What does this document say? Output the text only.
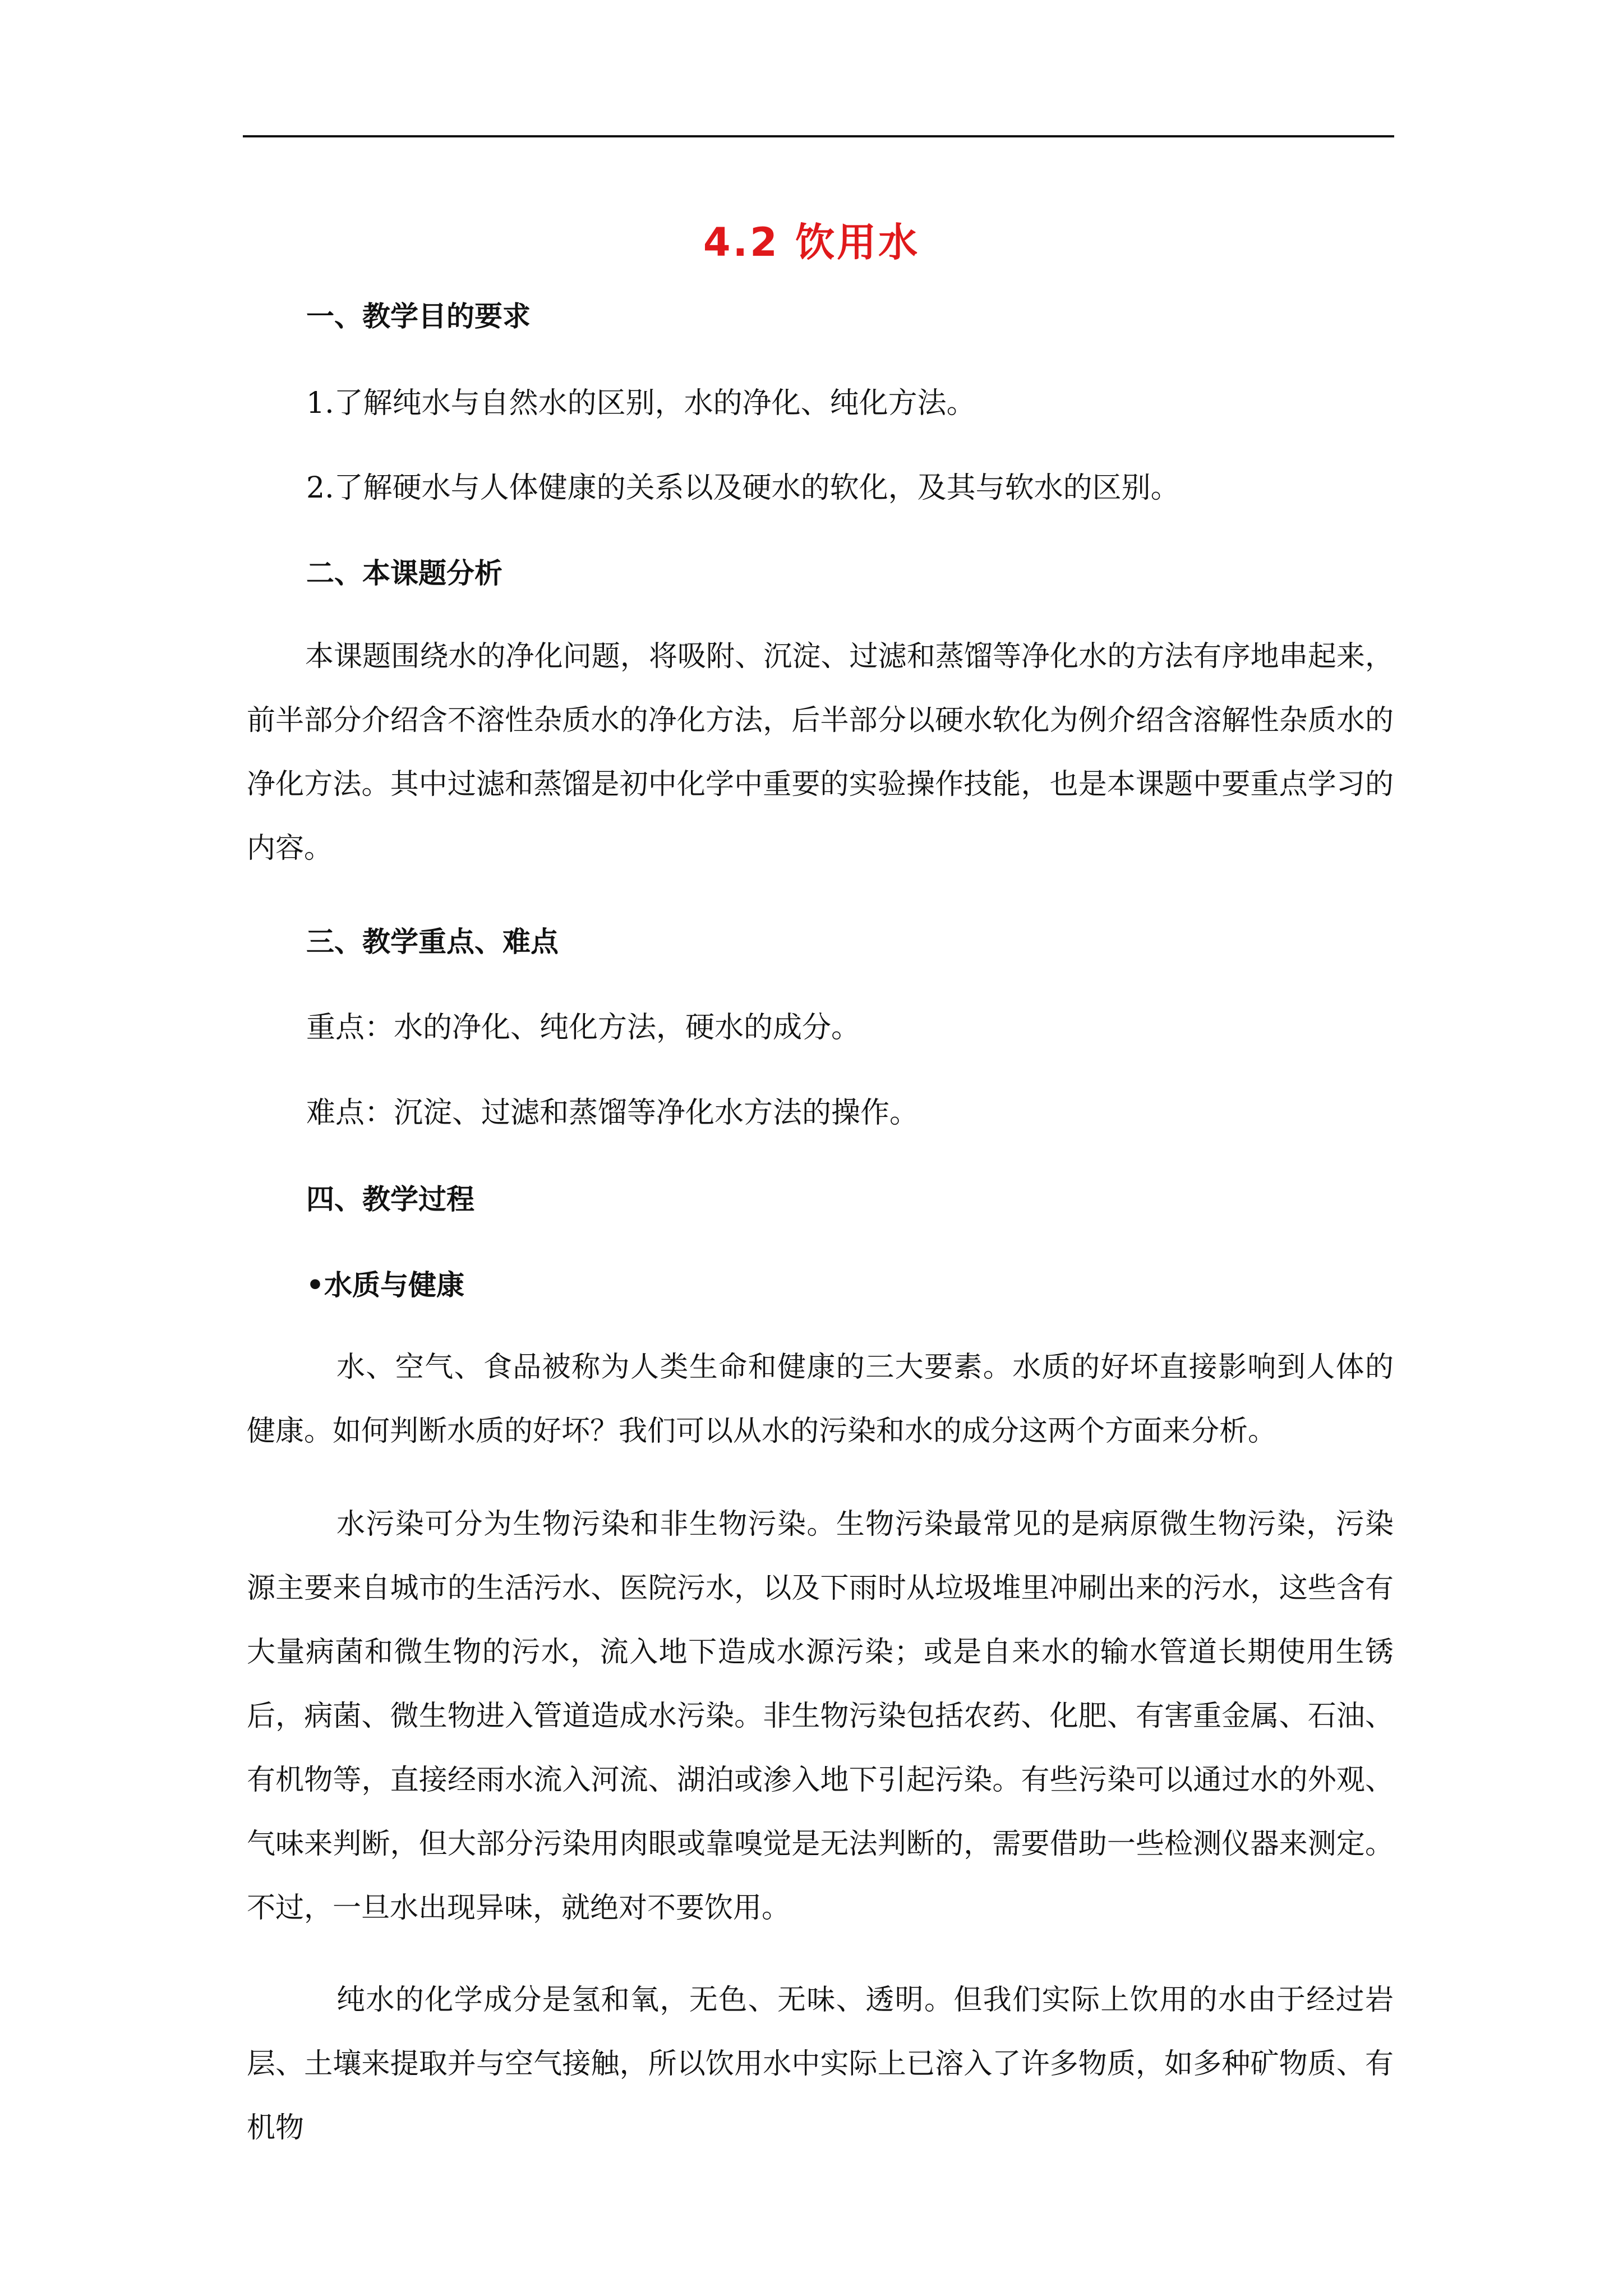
4.2 饮用水
一、教学目的要求
1.了解纯水与自然水的区别，水的净化、纯化方法。
2.了解硬水与人体健康的关系以及硬水的软化，及其与软水的区别。
二、本课题分析
本课题围绕水的净化问题，将吸附、沉淀、过滤和蒸馏等净化水的方法有序地串起来，前半部分介绍含不溶性杂质水的净化方法，后半部分以硬水软化为例介绍含溶解性杂质水的净化方法。其中过滤和蒸馏是初中化学中重要的实验操作技能，也是本课题中要重点学习的内容。
三、教学重点、难点
重点：水的净化、纯化方法，硬水的成分。
难点：沉淀、过滤和蒸馏等净化水方法的操作。
四、教学过程
•水质与健康
水、空气、食品被称为人类生命和健康的三大要素。水质的好坏直接影响到人体的健康。如何判断水质的好坏？我们可以从水的污染和水的成分这两个方面来分析。
水污染可分为生物污染和非生物污染。生物污染最常见的是病原微生物污染，污染源主要来自城市的生活污水、医院污水，以及下雨时从垃圾堆里冲刷出来的污水，这些含有大量病菌和微生物的污水，流入地下造成水源污染；或是自来水的输水管道长期使用生锈后，病菌、微生物进入管道造成水污染。非生物污染包括农药、化肥、有害重金属、石油、有机物等，直接经雨水流入河流、湖泊或渗入地下引起污染。有些污染可以通过水的外观、气味来判断，但大部分污染用肉眼或靠嗅觉是无法判断的，需要借助一些检测仪器来测定。不过，一旦水出现异味，就绝对不要饮用。
纯水的化学成分是氢和氧，无色、无味、透明。但我们实际上饮用的水由于经过岩层、土壤来提取并与空气接触，所以饮用水中实际上已溶入了许多物质，如多种矿物质、有机物
